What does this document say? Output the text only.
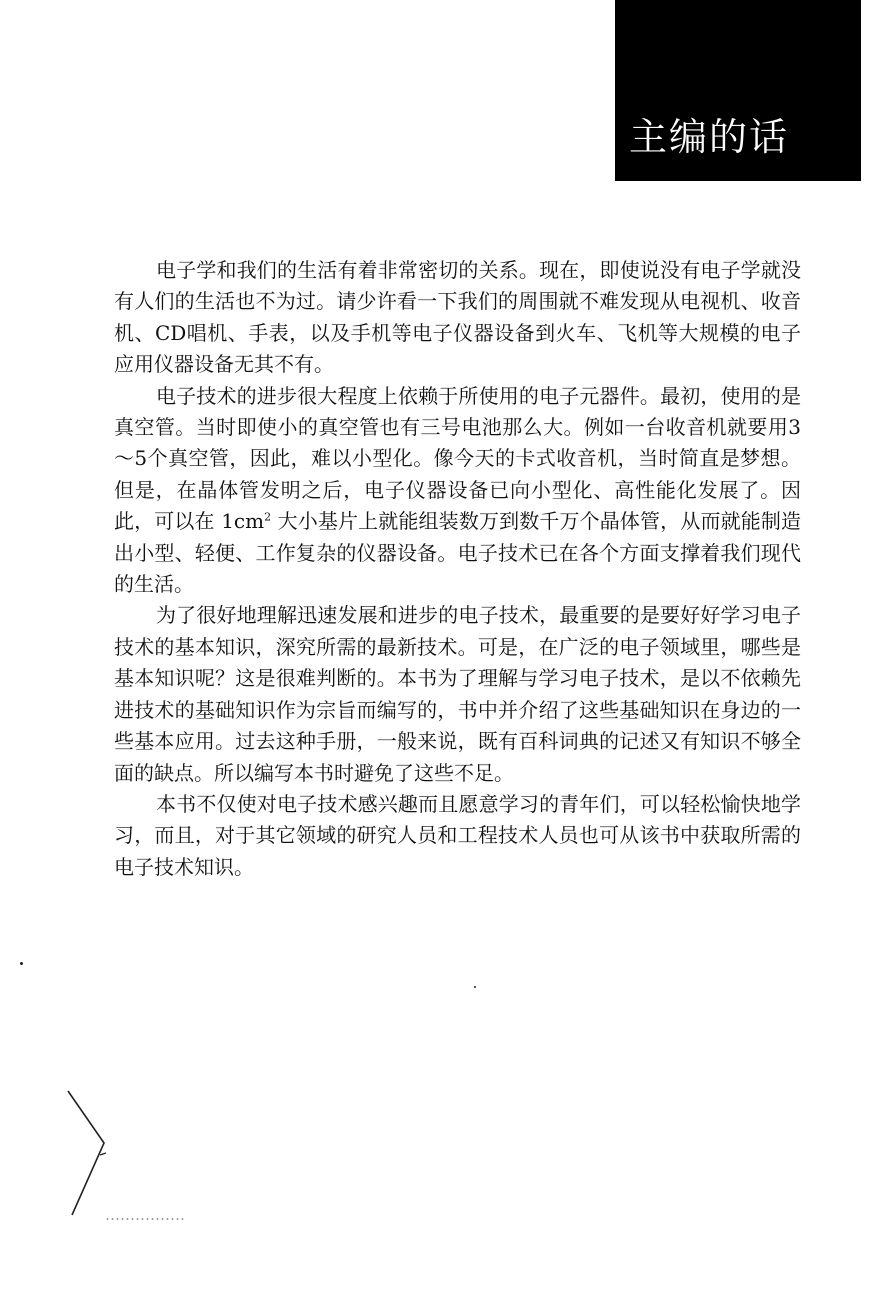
主编的话

电子学和我们的生活有着非常密切的关系。现在，即使说没有电子学就没有人们的生活也不为过。请少许看一下我们的周围就不难发现从电视机、收音机、CD唱机、手表，以及手机等电子仪器设备到火车、飞机等大规模的电子应用仪器设备无其不有。

电子技术的进步很大程度上依赖于所使用的电子元器件。最初，使用的是真空管。当时即使小的真空管也有三号电池那么大。例如一台收音机就要用3～5个真空管，因此，难以小型化。像今天的卡式收音机，当时简直是梦想。但是，在晶体管发明之后，电子仪器设备已向小型化、高性能化发展了。因此，可以在 $1cm^2$ 大小基片上就能组装数万到数千万个晶体管，从而就能制造出小型、轻便、工作复杂的仪器设备。电子技术已在各个方面支撑着我们现代的生活。

为了很好地理解迅速发展和进步的电子技术，最重要的是要好好学习电子技术的基本知识，深究所需的最新技术。可是，在广泛的电子领域里，哪些是基本知识呢？这是很难判断的。本书为了理解与学习电子技术，是以不依赖先进技术的基础知识作为宗旨而编写的，书中并介绍了这些基础知识在身边的一些基本应用。过去这种手册，一般来说，既有百科词典的记述又有知识不够全面的缺点。所以编写本书时避免了这些不足。

本书不仅使对电子技术感兴趣而且愿意学习的青年们，可以轻松愉快地学习，而且，对于其它领域的研究人员和工程技术人员也可从该书中获取所需的电子技术知识。
